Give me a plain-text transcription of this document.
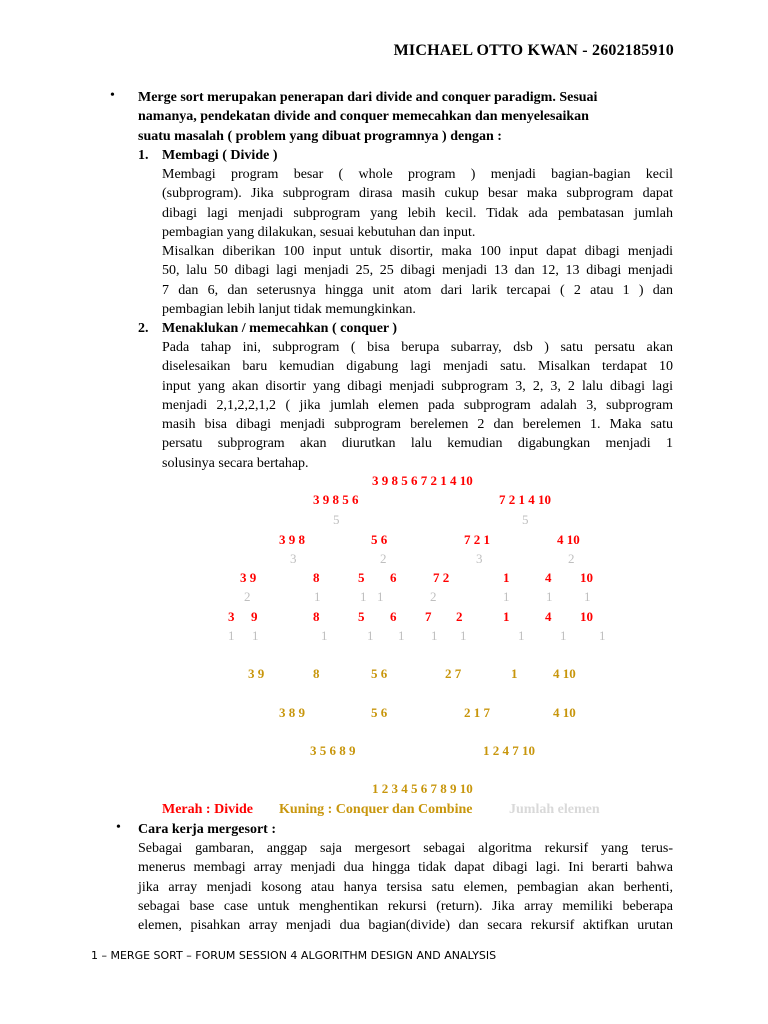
MICHAEL OTTO KWAN - 2602185910
• Merge sort merupakan penerapan dari divide and conquer paradigm. Sesuai
namanya, pendekatan divide and conquer memecahkan dan menyelesaikan
suatu masalah ( problem yang dibuat programnya ) dengan :
1. Membagi ( Divide )
Membagi program besar ( whole program ) menjadi bagian-bagian kecil
(subprogram). Jika subprogram dirasa masih cukup besar maka subprogram dapat
dibagi lagi menjadi subprogram yang lebih kecil. Tidak ada pembatasan jumlah
pembagian yang dilakukan, sesuai kebutuhan dan input.
Misalkan diberikan 100 input untuk disortir, maka 100 input dapat dibagi menjadi
50, lalu 50 dibagi lagi menjadi 25, 25 dibagi menjadi 13 dan 12, 13 dibagi menjadi
7 dan 6, dan seterusnya hingga unit atom dari larik tercapai ( 2 atau 1 ) dan
pembagian lebih lanjut tidak memungkinkan.
2. Menaklukan / memecahkan ( conquer )
Pada tahap ini, subprogram ( bisa berupa subarray, dsb ) satu persatu akan
diselesaikan baru kemudian digabung lagi menjadi satu. Misalkan terdapat 10
input yang akan disortir yang dibagi menjadi subprogram 3, 2, 3, 2 lalu dibagi lagi
menjadi 2,1,2,2,1,2 ( jika jumlah elemen pada subprogram adalah 3, subprogram
masih bisa dibagi menjadi subprogram berelemen 2 dan berelemen 1. Maka satu
persatu subprogram akan diurutkan lalu kemudian digabungkan menjadi 1
solusinya secara bertahap.
3 9 8 5 6 7 2 1 4 10
3 9 8 5 6	7 2 1 4 10
3 9 8	5 6	7 2 1	4 10
3 9	8	5 6	7 2	1	4 10
3 9	8	5 6 7 2	1	4 10
5	5
3	2	3	2
2	1	1 1	2	1	1 1
1 1	1	1 1 1 1	1	1	1
3 9	8	5 6	2 7	1	4 10
3 8 9	5 6	2 1 7	4 10
3 5 6 8 9	1 2 4 7 10
1 2 3 4 5 6 7 8 9 10
Merah : Divide Kuning : Conquer dan Combine	Jumlah elemen
• Cara kerja mergesort :
Sebagai gambaran, anggap saja mergesort sebagai algoritma rekursif yang terus-
menerus membagi array menjadi dua hingga tidak dapat dibagi lagi. Ini berarti bahwa
jika array menjadi kosong atau hanya tersisa satu elemen, pembagian akan berhenti,
sebagai base case untuk menghentikan rekursi (return). Jika array memiliki beberapa
elemen, pisahkan array menjadi dua bagian(divide) dan secara rekursif aktifkan urutan
1 – MERGE SORT – FORUM SESSION 4 ALGORITHM DESIGN AND ANALYSIS
